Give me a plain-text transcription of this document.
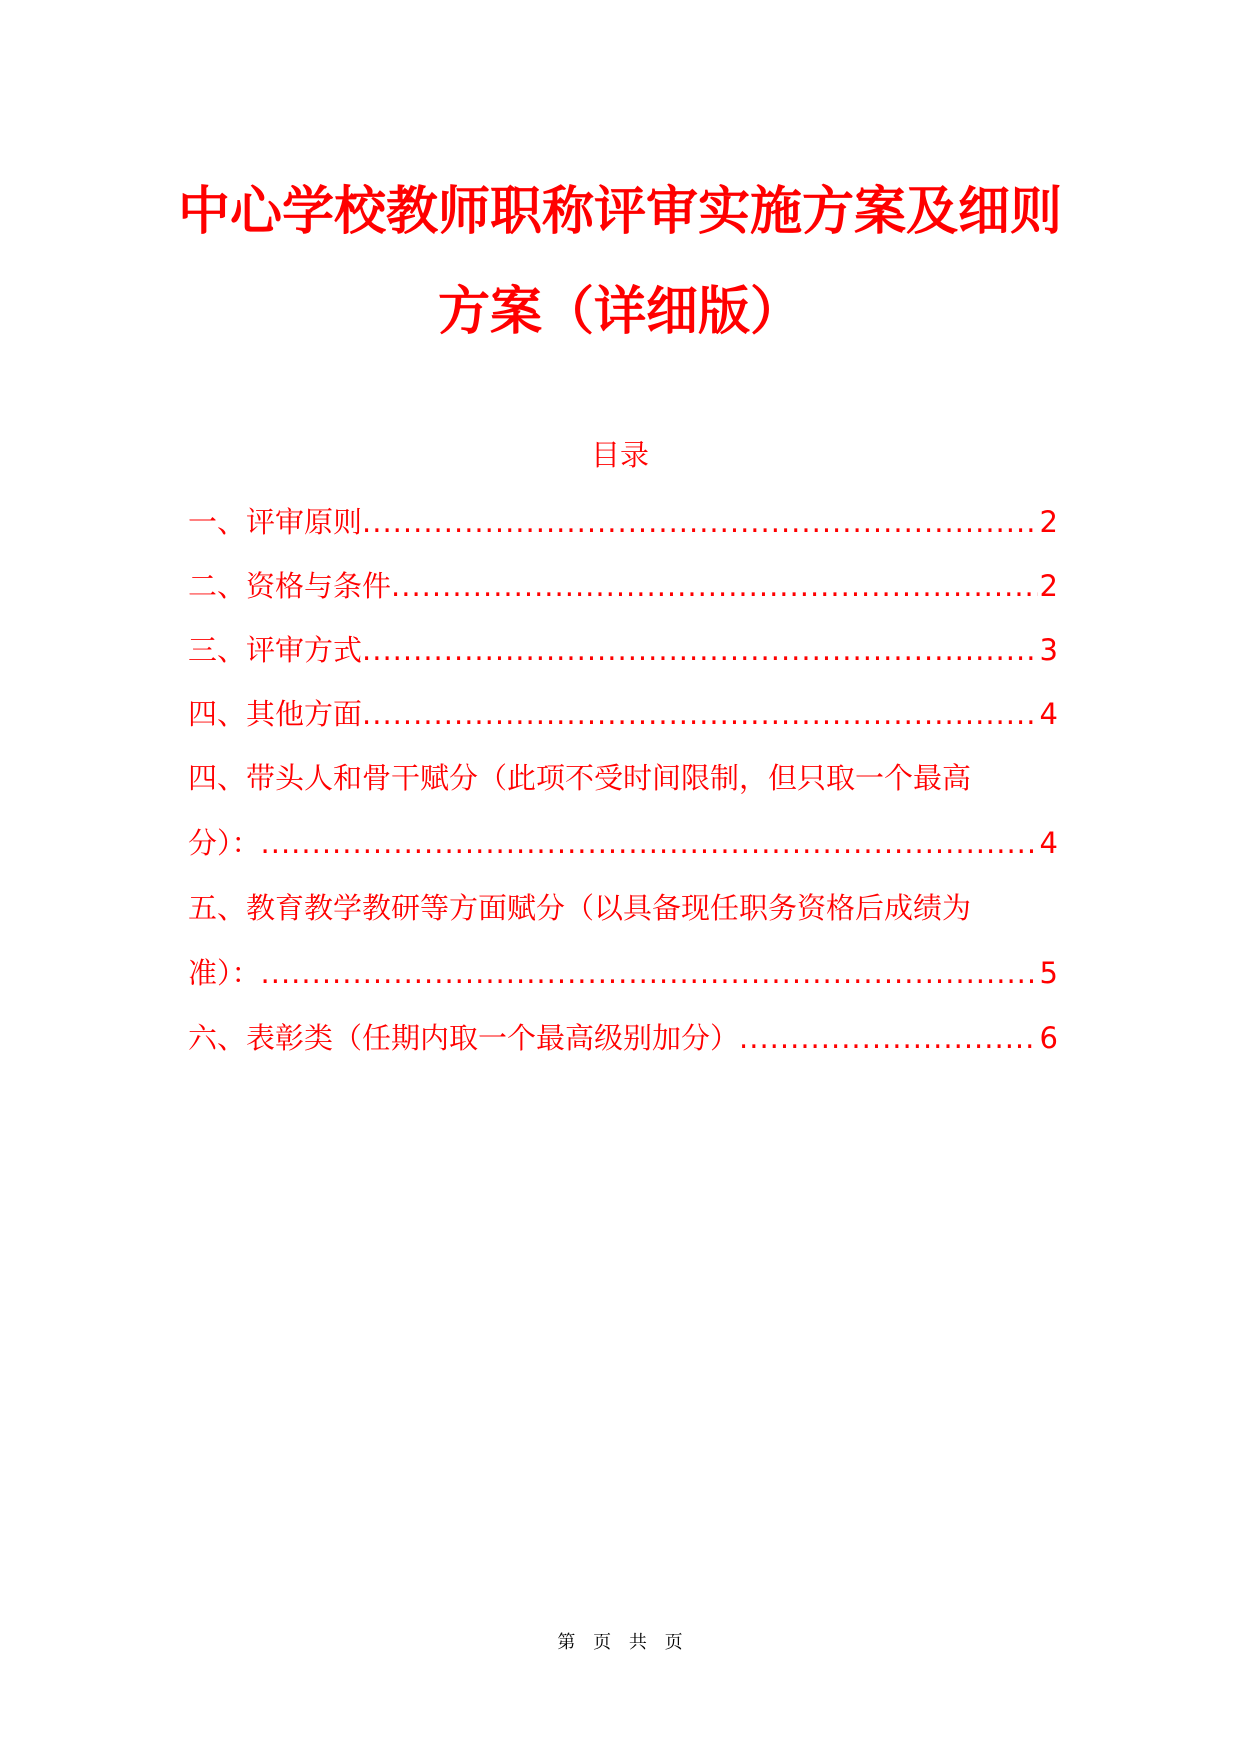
中心学校教师职称评审实施方案及细则
方案（详细版）
目录
一、评审原则 .....	2
二、资格与条件 .....	2
三、评审方式 .....	3
四、其他方面 .....	4
四、带头人和骨干赋分（此项不受时间限制，但只取一个最高
分）： .....	4
五、教育教学教研等方面赋分（以具备现任职务资格后成绩为
准）： .....	5
六、表彰类（任期内取一个最高级别加分） .....	6
第 页 共 页
